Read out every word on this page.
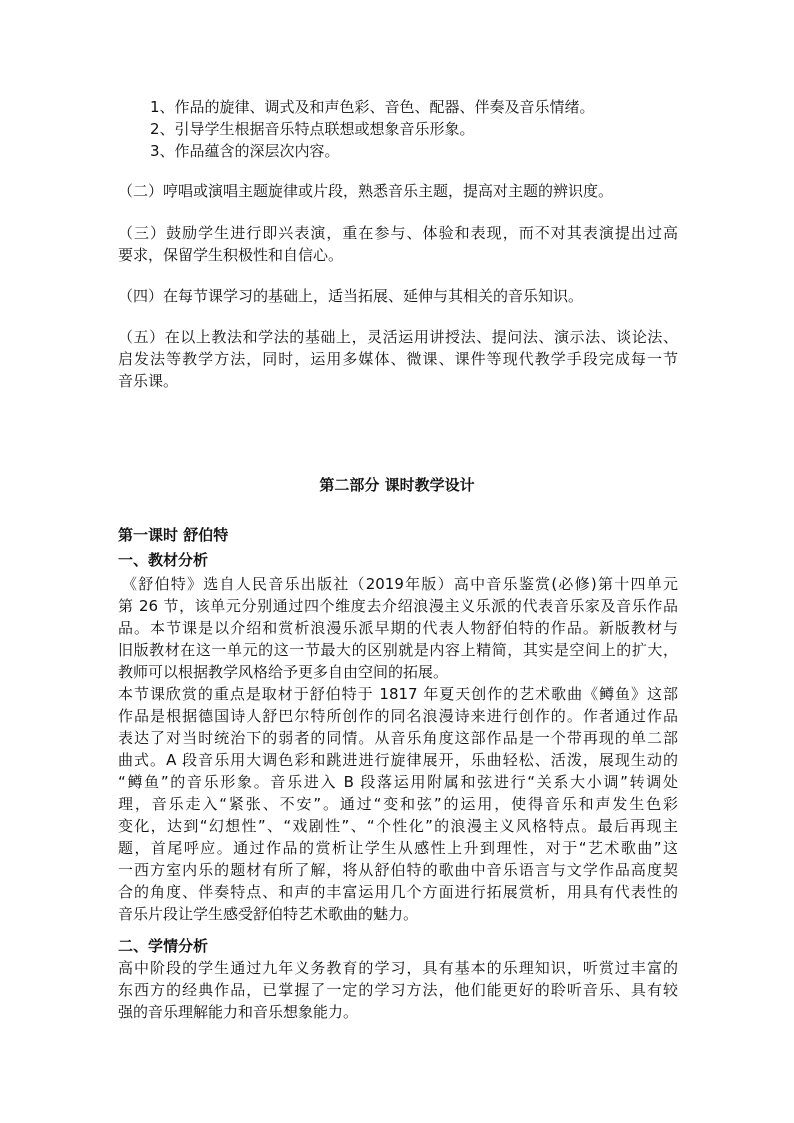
1、作品的旋律、调式及和声色彩、音色、配器、伴奏及音乐情绪。
2、引导学生根据音乐特点联想或想象音乐形象。
3、作品蕴含的深层次内容。
（二）哼唱或演唱主题旋律或片段，熟悉音乐主题，提高对主题的辨识度。
（三）鼓励学生进行即兴表演，重在参与、体验和表现，而不对其表演提出过高
要求，保留学生积极性和自信心。
（四）在每节课学习的基础上，适当拓展、延伸与其相关的音乐知识。
（五）在以上教法和学法的基础上，灵活运用讲授法、提问法、演示法、谈论法、
启发法等教学方法，同时，运用多媒体、微课、课件等现代教学手段完成每一节
音乐课。
第二部分 课时教学设计
第一课时 舒伯特
一、教材分析
《舒伯特》选自人民音乐出版社（2019年版）高中音乐鉴赏(必修)第十四单元
第 26 节，该单元分别通过四个维度去介绍浪漫主义乐派的代表音乐家及音乐作品
品。本节课是以介绍和赏析浪漫乐派早期的代表人物舒伯特的作品。新版教材与
旧版教材在这一单元的这一节最大的区别就是内容上精简，其实是空间上的扩大，
教师可以根据教学风格给予更多自由空间的拓展。
本节课欣赏的重点是取材于舒伯特于 1817 年夏天创作的艺术歌曲《鳟鱼》这部
作品是根据德国诗人舒巴尔特所创作的同名浪漫诗来进行创作的。作者通过作品
表达了对当时统治下的弱者的同情。从音乐角度这部作品是一个带再现的单二部
曲式。A 段音乐用大调色彩和跳进进行旋律展开，乐曲轻松、活泼，展现生动的
“鳟鱼”的音乐形象。音乐进入 B 段落运用附属和弦进行“关系大小调”转调处
理，音乐走入“紧张、不安”。通过“变和弦”的运用，使得音乐和声发生色彩
变化，达到“幻想性”、“戏剧性”、“个性化”的浪漫主义风格特点。最后再现主
题，首尾呼应。通过作品的赏析让学生从感性上升到理性，对于“艺术歌曲”这
一西方室内乐的题材有所了解，将从舒伯特的歌曲中音乐语言与文学作品高度契
合的角度、伴奏特点、和声的丰富运用几个方面进行拓展赏析，用具有代表性的
音乐片段让学生感受舒伯特艺术歌曲的魅力。
二、学情分析
高中阶段的学生通过九年义务教育的学习，具有基本的乐理知识，听赏过丰富的
东西方的经典作品，已掌握了一定的学习方法，他们能更好的聆听音乐、具有较
强的音乐理解能力和音乐想象能力。
